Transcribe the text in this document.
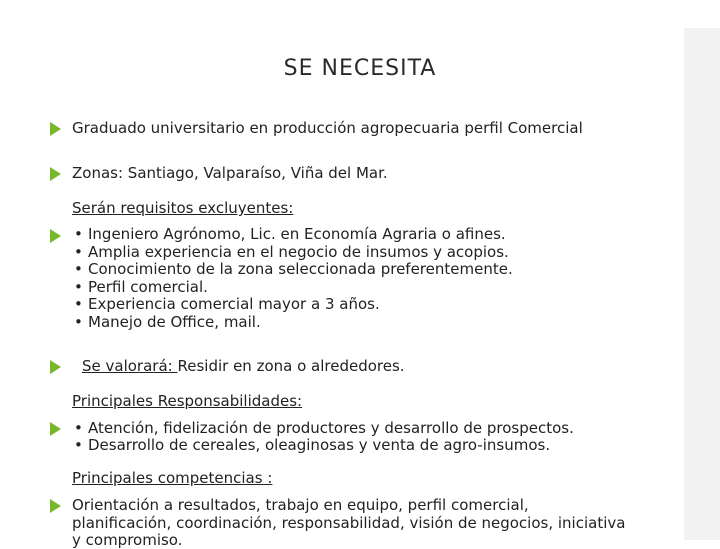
SE NECESITA
Graduado universitario en producción agropecuaria perfil Comercial
Zonas: Santiago, Valparaíso, Viña del Mar.
Serán requisitos excluyentes:
• Ingeniero Agrónomo, Lic. en Economía Agraria o afines.
• Amplia experiencia en el negocio de insumos y acopios.
• Conocimiento de la zona seleccionada preferentemente.
• Perfil comercial.
• Experiencia comercial mayor a 3 años.
• Manejo de Office, mail.
Se valorará: Residir en zona o alrededores.
Principales Responsabilidades:
• Atención, fidelización de productores y desarrollo de prospectos.
• Desarrollo de cereales, oleaginosas y venta de agro-insumos.
Principales competencias :
Orientación a resultados, trabajo en equipo, perfil comercial,
planificación, coordinación, responsabilidad, visión de negocios, iniciativa
y compromiso.
